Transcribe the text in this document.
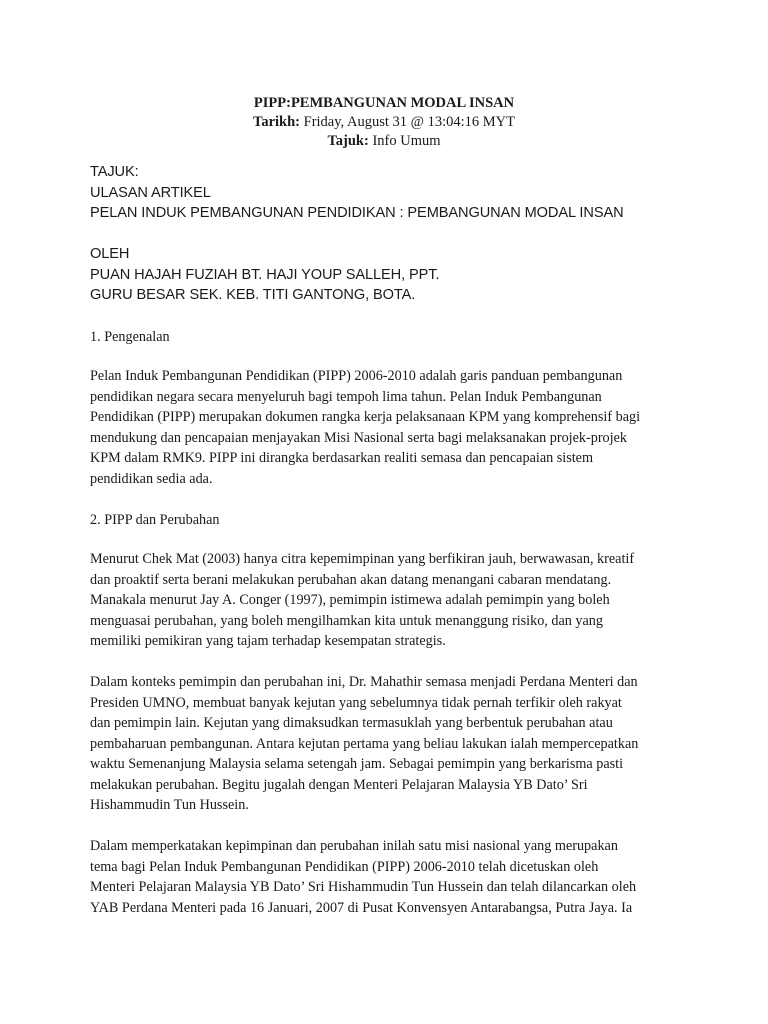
PIPP:PEMBANGUNAN MODAL INSAN
Tarikh: Friday, August 31 @ 13:04:16 MYT
Tajuk: Info Umum
TAJUK:
ULASAN ARTIKEL
PELAN INDUK PEMBANGUNAN PENDIDIKAN : PEMBANGUNAN MODAL INSAN
OLEH
PUAN HAJAH FUZIAH BT. HAJI YOUP SALLEH, PPT.
GURU BESAR SEK. KEB. TITI GANTONG, BOTA.
1. Pengenalan
Pelan Induk Pembangunan Pendidikan (PIPP) 2006-2010 adalah garis panduan pembangunan
pendidikan negara secara menyeluruh bagi tempoh lima tahun. Pelan Induk Pembangunan
Pendidikan (PIPP) merupakan dokumen rangka kerja pelaksanaan KPM yang komprehensif bagi
mendukung dan pencapaian menjayakan Misi Nasional serta bagi melaksanakan projek-projek
KPM dalam RMK9. PIPP ini dirangka berdasarkan realiti semasa dan pencapaian sistem
pendidikan sedia ada.
2. PIPP dan Perubahan
Menurut Chek Mat (2003) hanya citra kepemimpinan yang berfikiran jauh, berwawasan, kreatif
dan proaktif serta berani melakukan perubahan akan datang menangani cabaran mendatang.
Manakala menurut Jay A. Conger (1997), pemimpin istimewa adalah pemimpin yang boleh
menguasai perubahan, yang boleh mengilhamkan kita untuk menanggung risiko, dan yang
memiliki pemikiran yang tajam terhadap kesempatan strategis.
Dalam konteks pemimpin dan perubahan ini, Dr. Mahathir semasa menjadi Perdana Menteri dan
Presiden UMNO, membuat banyak kejutan yang sebelumnya tidak pernah terfikir oleh rakyat
dan pemimpin lain. Kejutan yang dimaksudkan termasuklah yang berbentuk perubahan atau
pembaharuan pembangunan. Antara kejutan pertama yang beliau lakukan ialah mempercepatkan
waktu Semenanjung Malaysia selama setengah jam. Sebagai pemimpin yang berkarisma pasti
melakukan perubahan. Begitu jugalah dengan Menteri Pelajaran Malaysia YB Dato’ Sri
Hishammudin Tun Hussein.
Dalam memperkatakan kepimpinan dan perubahan inilah satu misi nasional yang merupakan
tema bagi Pelan Induk Pembangunan Pendidikan (PIPP) 2006-2010 telah dicetuskan oleh
Menteri Pelajaran Malaysia YB Dato’ Sri Hishammudin Tun Hussein dan telah dilancarkan oleh
YAB Perdana Menteri pada 16 Januari, 2007 di Pusat Konvensyen Antarabangsa, Putra Jaya. Ia
